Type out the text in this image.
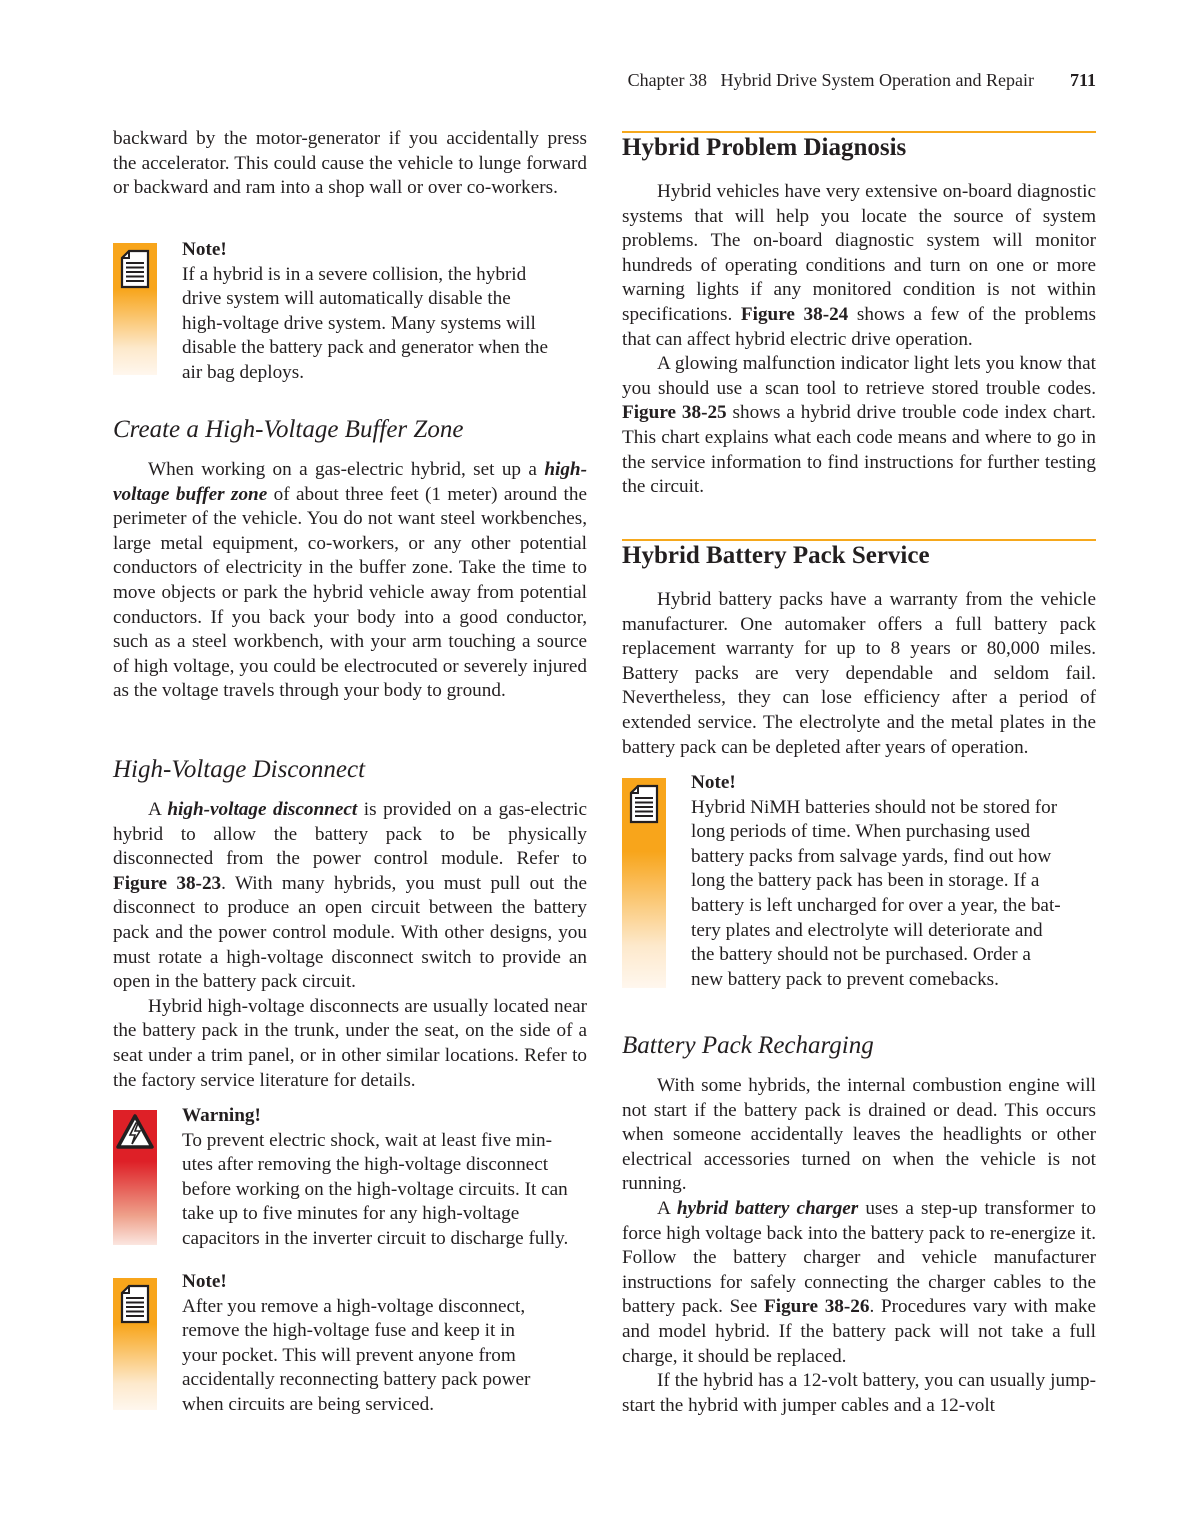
Chapter 38 Hybrid Drive System Operation and Repair 711

backward by the motor-generator if you accidentally press the accelerator. This could cause the vehicle to lunge forward or backward and ram into a shop wall or over co-workers.

Note!
If a hybrid is in a severe collision, the hybrid
drive system will automatically disable the
high-voltage drive system. Many systems will
disable the battery pack and generator when the
air bag deploys.
Create a High-Voltage Buffer Zone

When working on a gas-electric hybrid, set up a high-voltage buffer zone of about three feet (1 meter) around the perimeter of the vehicle. You do not want steel workbenches, large metal equipment, co-workers, or any other potential conductors of electricity in the buffer zone. Take the time to move objects or park the hybrid vehicle away from potential conductors. If you back your body into a good conductor, such as a steel workbench, with your arm touching a source of high voltage, you could be electrocuted or severely injured as the voltage travels through your body to ground.

High-Voltage Disconnect

A high-voltage disconnect is provided on a gas-electric hybrid to allow the battery pack to be physically disconnected from the power control module. Refer to Figure 38-23. With many hybrids, you must pull out the disconnect to produce an open circuit between the battery pack and the power control module. With other designs, you must rotate a high-voltage disconnect switch to provide an open in the battery pack circuit.

Hybrid high-voltage disconnects are usually located near the battery pack in the trunk, under the seat, on the side of a seat under a trim panel, or in other similar locations. Refer to the factory service literature for details.

Warning!
To prevent electric shock, wait at least five min-
utes after removing the high-voltage disconnect
before working on the high-voltage circuits. It can
take up to five minutes for any high-voltage
capacitors in the inverter circuit to discharge fully.
Note!
After you remove a high-voltage disconnect,
remove the high-voltage fuse and keep it in
your pocket. This will prevent anyone from
accidentally reconnecting battery pack power
when circuits are being serviced.
Hybrid Problem Diagnosis

Hybrid vehicles have very extensive on-board diagnostic systems that will help you locate the source of system problems. The on-board diagnostic system will monitor hundreds of operating conditions and turn on one or more warning lights if any monitored condition is not within specifications. Figure 38-24 shows a few of the problems that can affect hybrid electric drive operation.

A glowing malfunction indicator light lets you know that you should use a scan tool to retrieve stored trouble codes. Figure 38-25 shows a hybrid drive trouble code index chart. This chart explains what each code means and where to go in the service information to find instructions for further testing the circuit.

Hybrid Battery Pack Service

Hybrid battery packs have a warranty from the vehicle manufacturer. One automaker offers a full battery pack replacement warranty for up to 8 years or 80,000 miles. Battery packs are very dependable and seldom fail. Nevertheless, they can lose efficiency after a period of extended service. The electrolyte and the metal plates in the battery pack can be depleted after years of operation.

Note!
Hybrid NiMH batteries should not be stored for
long periods of time. When purchasing used
battery packs from salvage yards, find out how
long the battery pack has been in storage. If a
battery is left uncharged for over a year, the bat-
tery plates and electrolyte will deteriorate and
the battery should not be purchased. Order a
new battery pack to prevent comebacks.
Battery Pack Recharging

With some hybrids, the internal combustion engine will not start if the battery pack is drained or dead. This occurs when someone accidentally leaves the headlights or other electrical accessories turned on when the vehicle is not running.

A hybrid battery charger uses a step-up transformer to force high voltage back into the battery pack to re-energize it. Follow the battery charger and vehicle manufacturer instructions for safely connecting the charger cables to the battery pack. See Figure 38-26. Procedures vary with make and model hybrid. If the battery pack will not take a full charge, it should be replaced.

If the hybrid has a 12-volt battery, you can usually jump-start the hybrid with jumper cables and a 12-volt
